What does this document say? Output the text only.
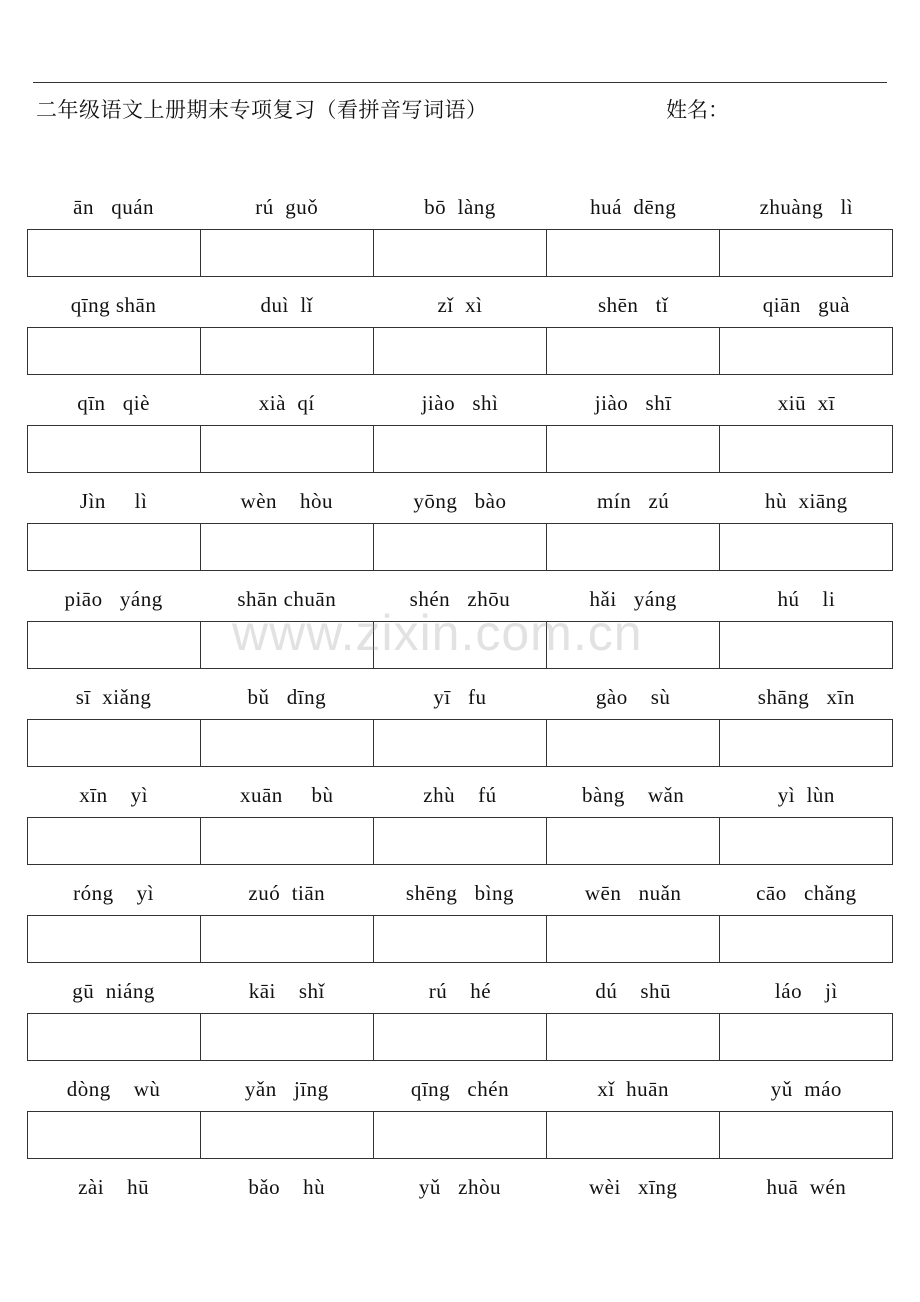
二年级语文上册期末专项复习（看拼音写词语）	姓名：
ān   quán	rú  guǒ	bō  làng	huá  dēng	zhuàng   lì
qīng shān	duì  lǐ	zǐ  xì	shēn   tǐ	qiān   guà
qīn   qiè	xià  qí	jiào   shì	jiào   shī	xiū  xī
Jìn     lì	wèn    hòu	yōng   bào	mín   zú	hù  xiāng
piāo   yáng	shān chuān	shén   zhōu	hǎi   yáng	hú    li
sī  xiǎng	bǔ   dīng	yī   fu	gào    sù	shāng   xīn
xīn    yì	xuān     bù	zhù    fú	bàng    wǎn	yì  lùn
róng    yì	zuó  tiān	shēng   bìng	wēn   nuǎn	cāo   chǎng
gū  niáng	kāi    shǐ	rú    hé	dú    shū	láo    jì
dòng    wù	yǎn   jīng	qīng   chén	xǐ  huān	yǔ  máo
zài    hū	bǎo    hù	yǔ   zhòu	wèi   xīng	huā  wén
www.zixin.com.cn
